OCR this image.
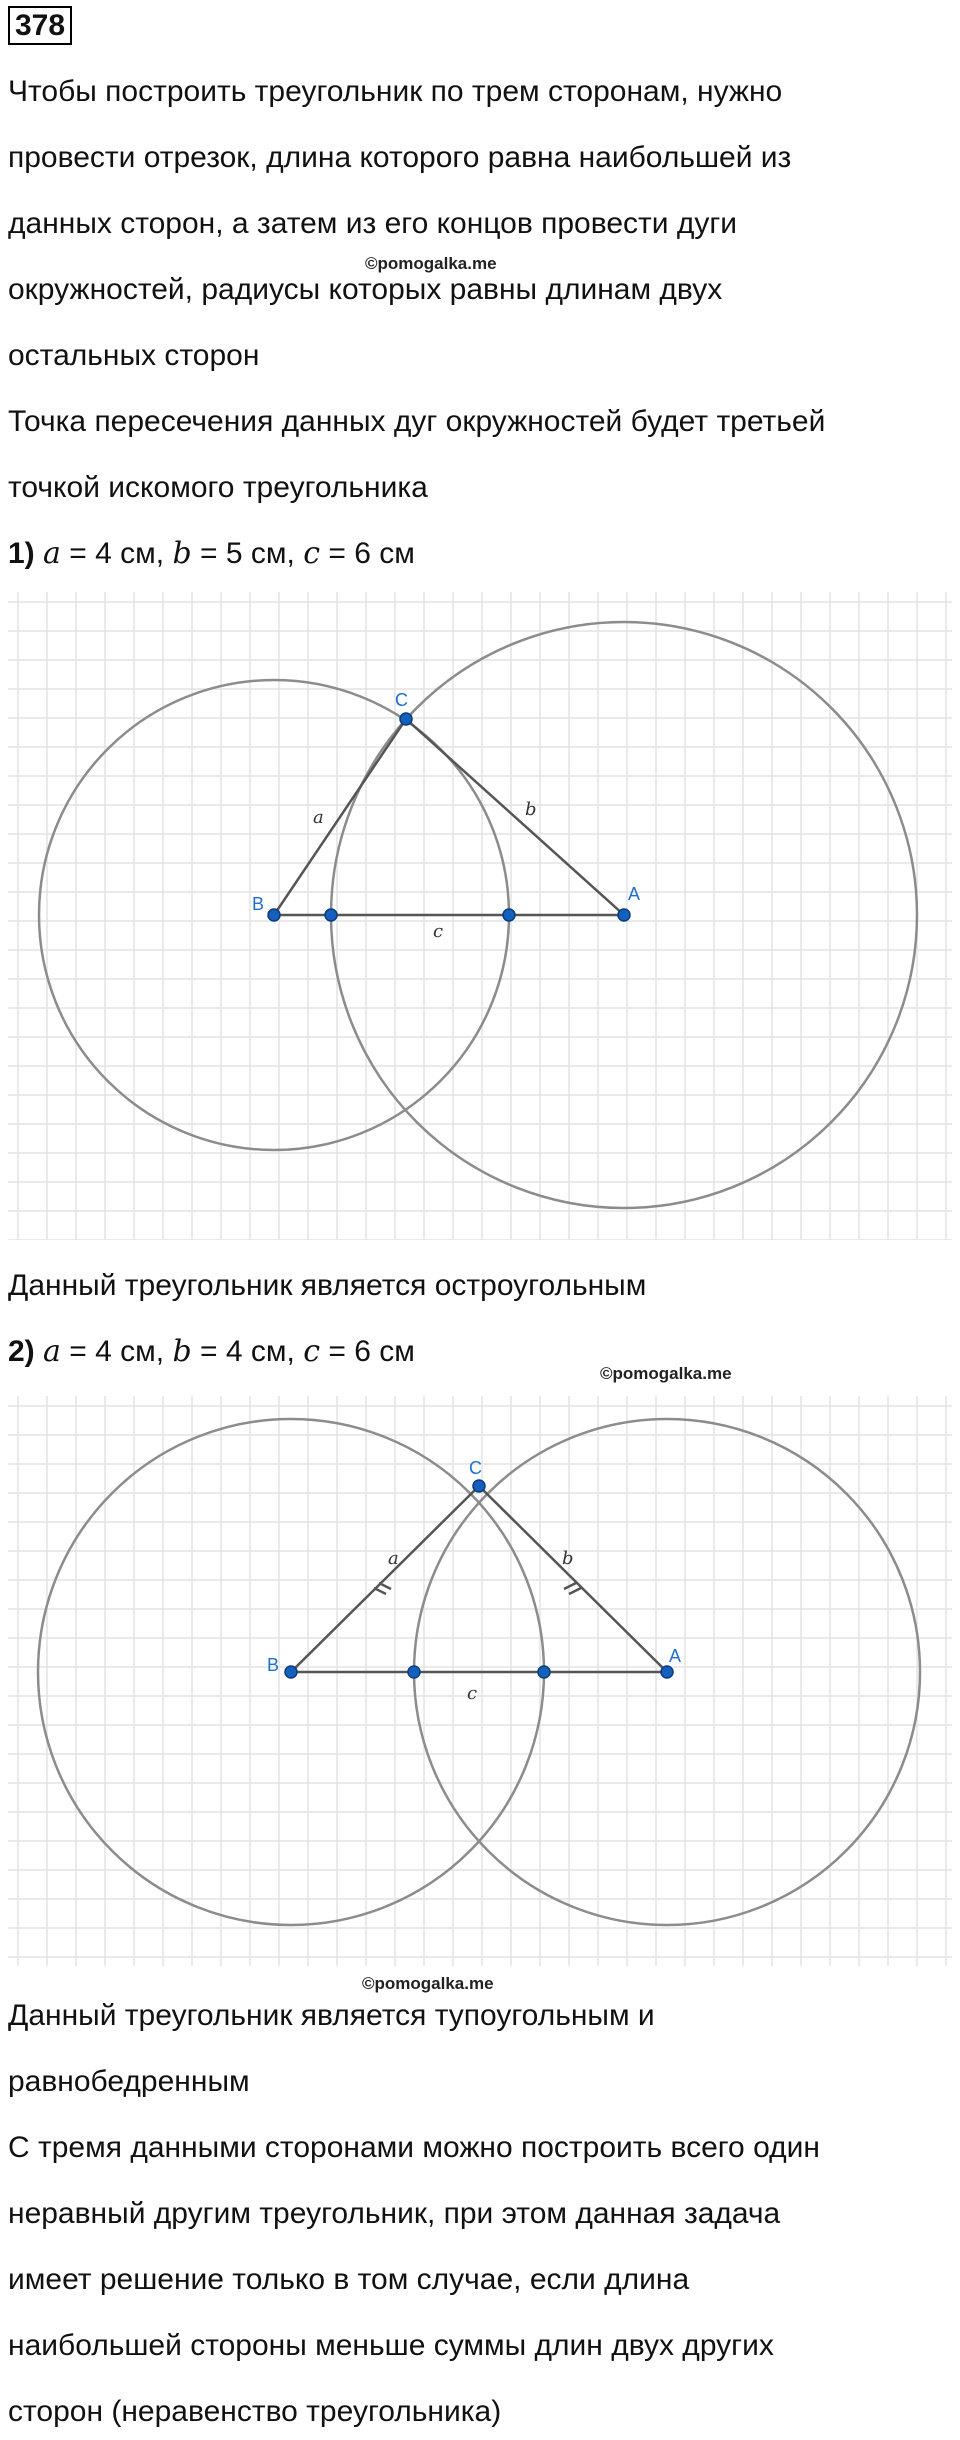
378
Чтобы построить треугольник по трем сторонам, нужно
провести отрезок, длина которого равна наибольшей из
данных сторон, а затем из его концов провести дуги
©pomogalka.me
окружностей, радиусы которых равны длинам двух
остальных сторон
Точка пересечения данных дуг окружностей будет третьей
точкой искомого треугольника
1) a = 4 см, b = 5 см, c = 6 см
B	A
C
a	b
c
Данный треугольник является остроугольным
2) a = 4 см, b = 4 см, c = 6 см
©pomogalka.me
B	A
C
a	b
c
©pomogalka.me
Данный треугольник является тупоугольным и
равнобедренным
С тремя данными сторонами можно построить всего один
неравный другим треугольник, при этом данная задача
имеет решение только в том случае, если длина
наибольшей стороны меньше суммы длин двух других
сторон (неравенство треугольника)
